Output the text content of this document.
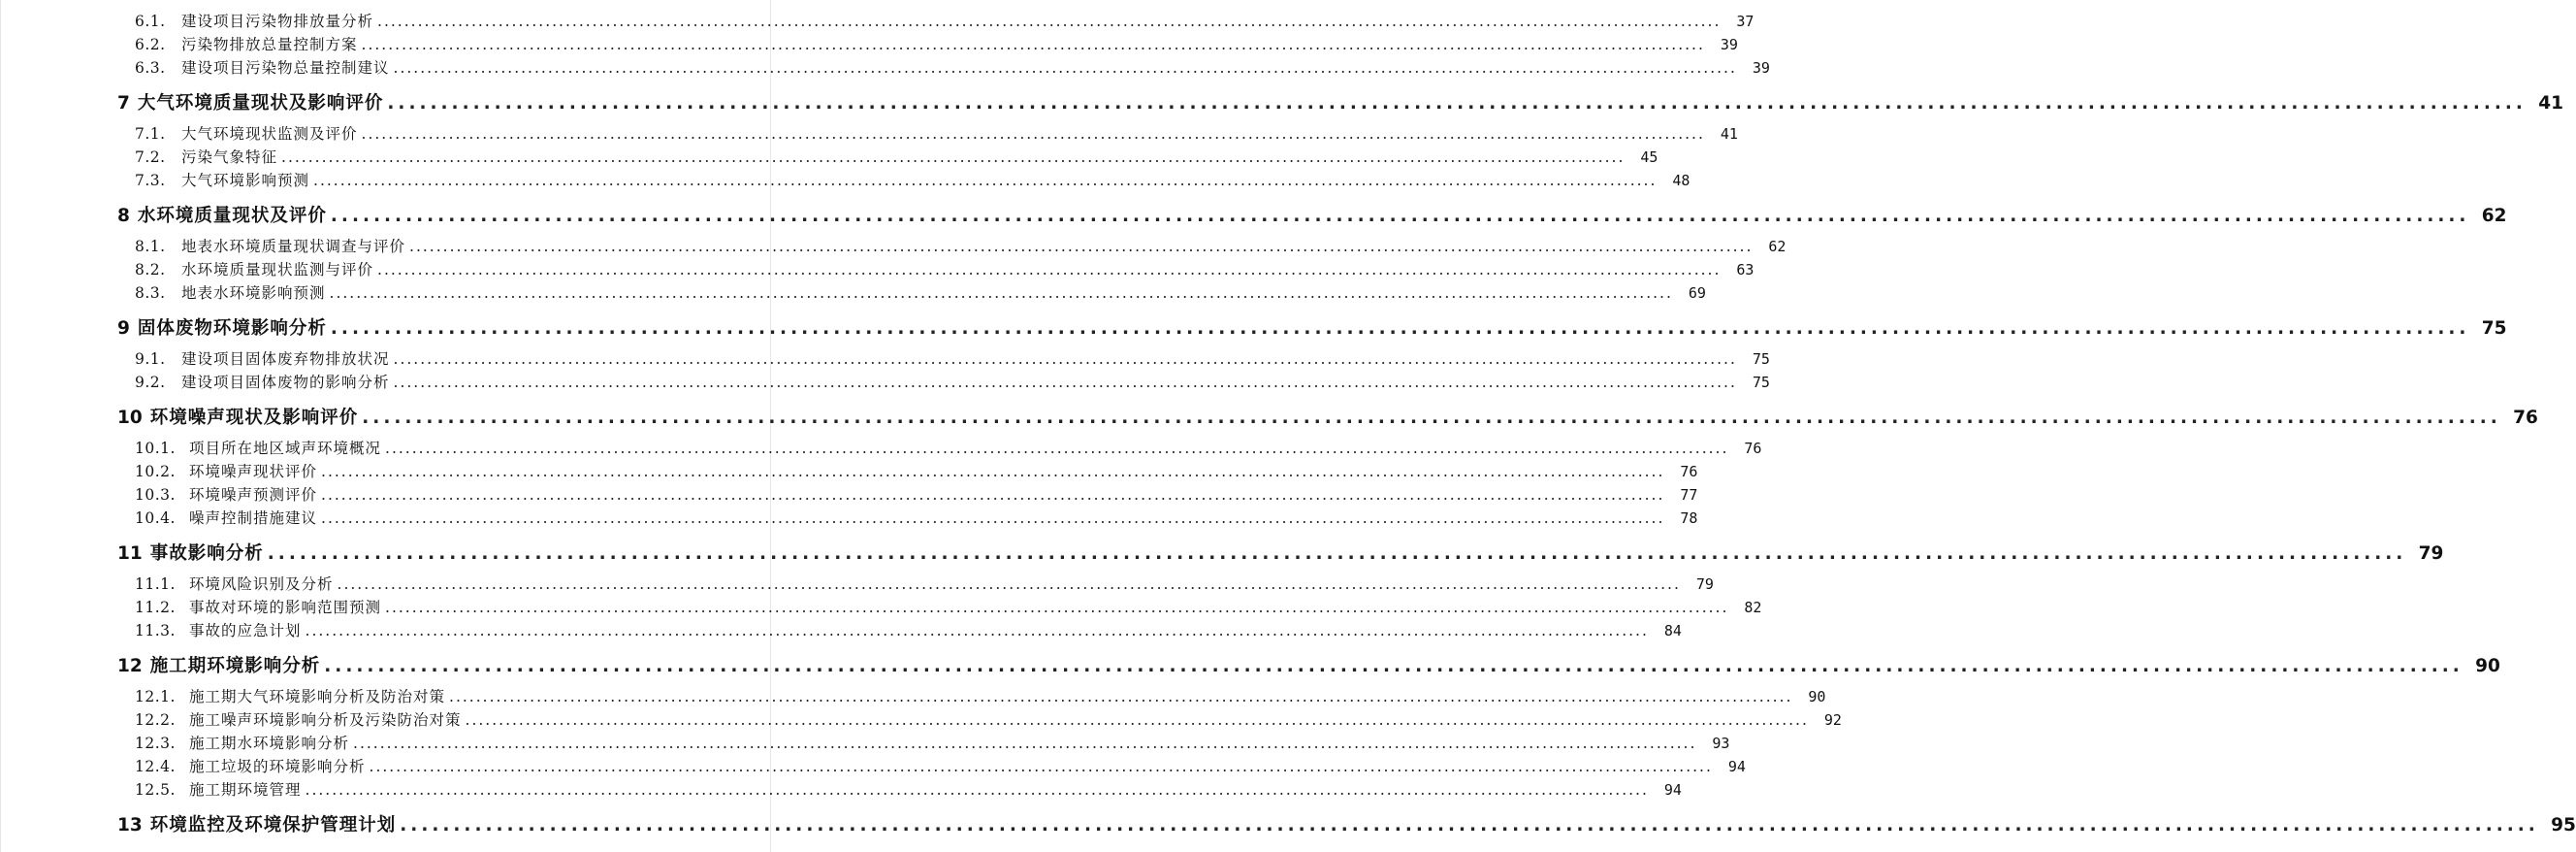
6.1.	建设项目污染物排放量分析 ........................................................................................................................................................................................................	37
6.2.	污染物排放总量控制方案 ........................................................................................................................................................................................................	39
6.3.	建设项目污染物总量控制建议 ........................................................................................................................................................................................................	39
7 大气环境质量现状及影响评价 ........................................................................................................................................................................................................ 41
7.1.	大气环境现状监测及评价 ........................................................................................................................................................................................................	41
7.2.	污染气象特征 ........................................................................................................................................................................................................	45
7.3.	大气环境影响预测 ........................................................................................................................................................................................................	48
8 水环境质量现状及评价 ........................................................................................................................................................................................................ 62
8.1.	地表水环境质量现状调查与评价 ........................................................................................................................................................................................................	62
8.2.	水环境质量现状监测与评价 ........................................................................................................................................................................................................	63
8.3.	地表水环境影响预测 ........................................................................................................................................................................................................	69
9 固体废物环境影响分析 ........................................................................................................................................................................................................ 75
9.1.	建设项目固体废弃物排放状况 ........................................................................................................................................................................................................	75
9.2.	建设项目固体废物的影响分析 ........................................................................................................................................................................................................	75
10 环境噪声现状及影响评价 ........................................................................................................................................................................................................ 76
10.1. 项目所在地区域声环境概况 ........................................................................................................................................................................................................	76
10.2. 环境噪声现状评价 ........................................................................................................................................................................................................	76
10.3. 环境噪声预测评价 ........................................................................................................................................................................................................	77
10.4. 噪声控制措施建议 ........................................................................................................................................................................................................	78
11 事故影响分析 ........................................................................................................................................................................................................ 79
11.1. 环境风险识别及分析 ........................................................................................................................................................................................................	79
11.2. 事故对环境的影响范围预测 ........................................................................................................................................................................................................	82
11.3. 事故的应急计划 ........................................................................................................................................................................................................	84
12 施工期环境影响分析 ........................................................................................................................................................................................................ 90
12.1. 施工期大气环境影响分析及防治对策 ........................................................................................................................................................................................................	90
12.2. 施工噪声环境影响分析及污染防治对策 ........................................................................................................................................................................................................	92
12.3. 施工期水环境影响分析 ........................................................................................................................................................................................................	93
12.4. 施工垃圾的环境影响分析 ........................................................................................................................................................................................................	94
12.5. 施工期环境管理 ........................................................................................................................................................................................................	94
13 环境监控及环境保护管理计划 ........................................................................................................................................................................................................ 95
